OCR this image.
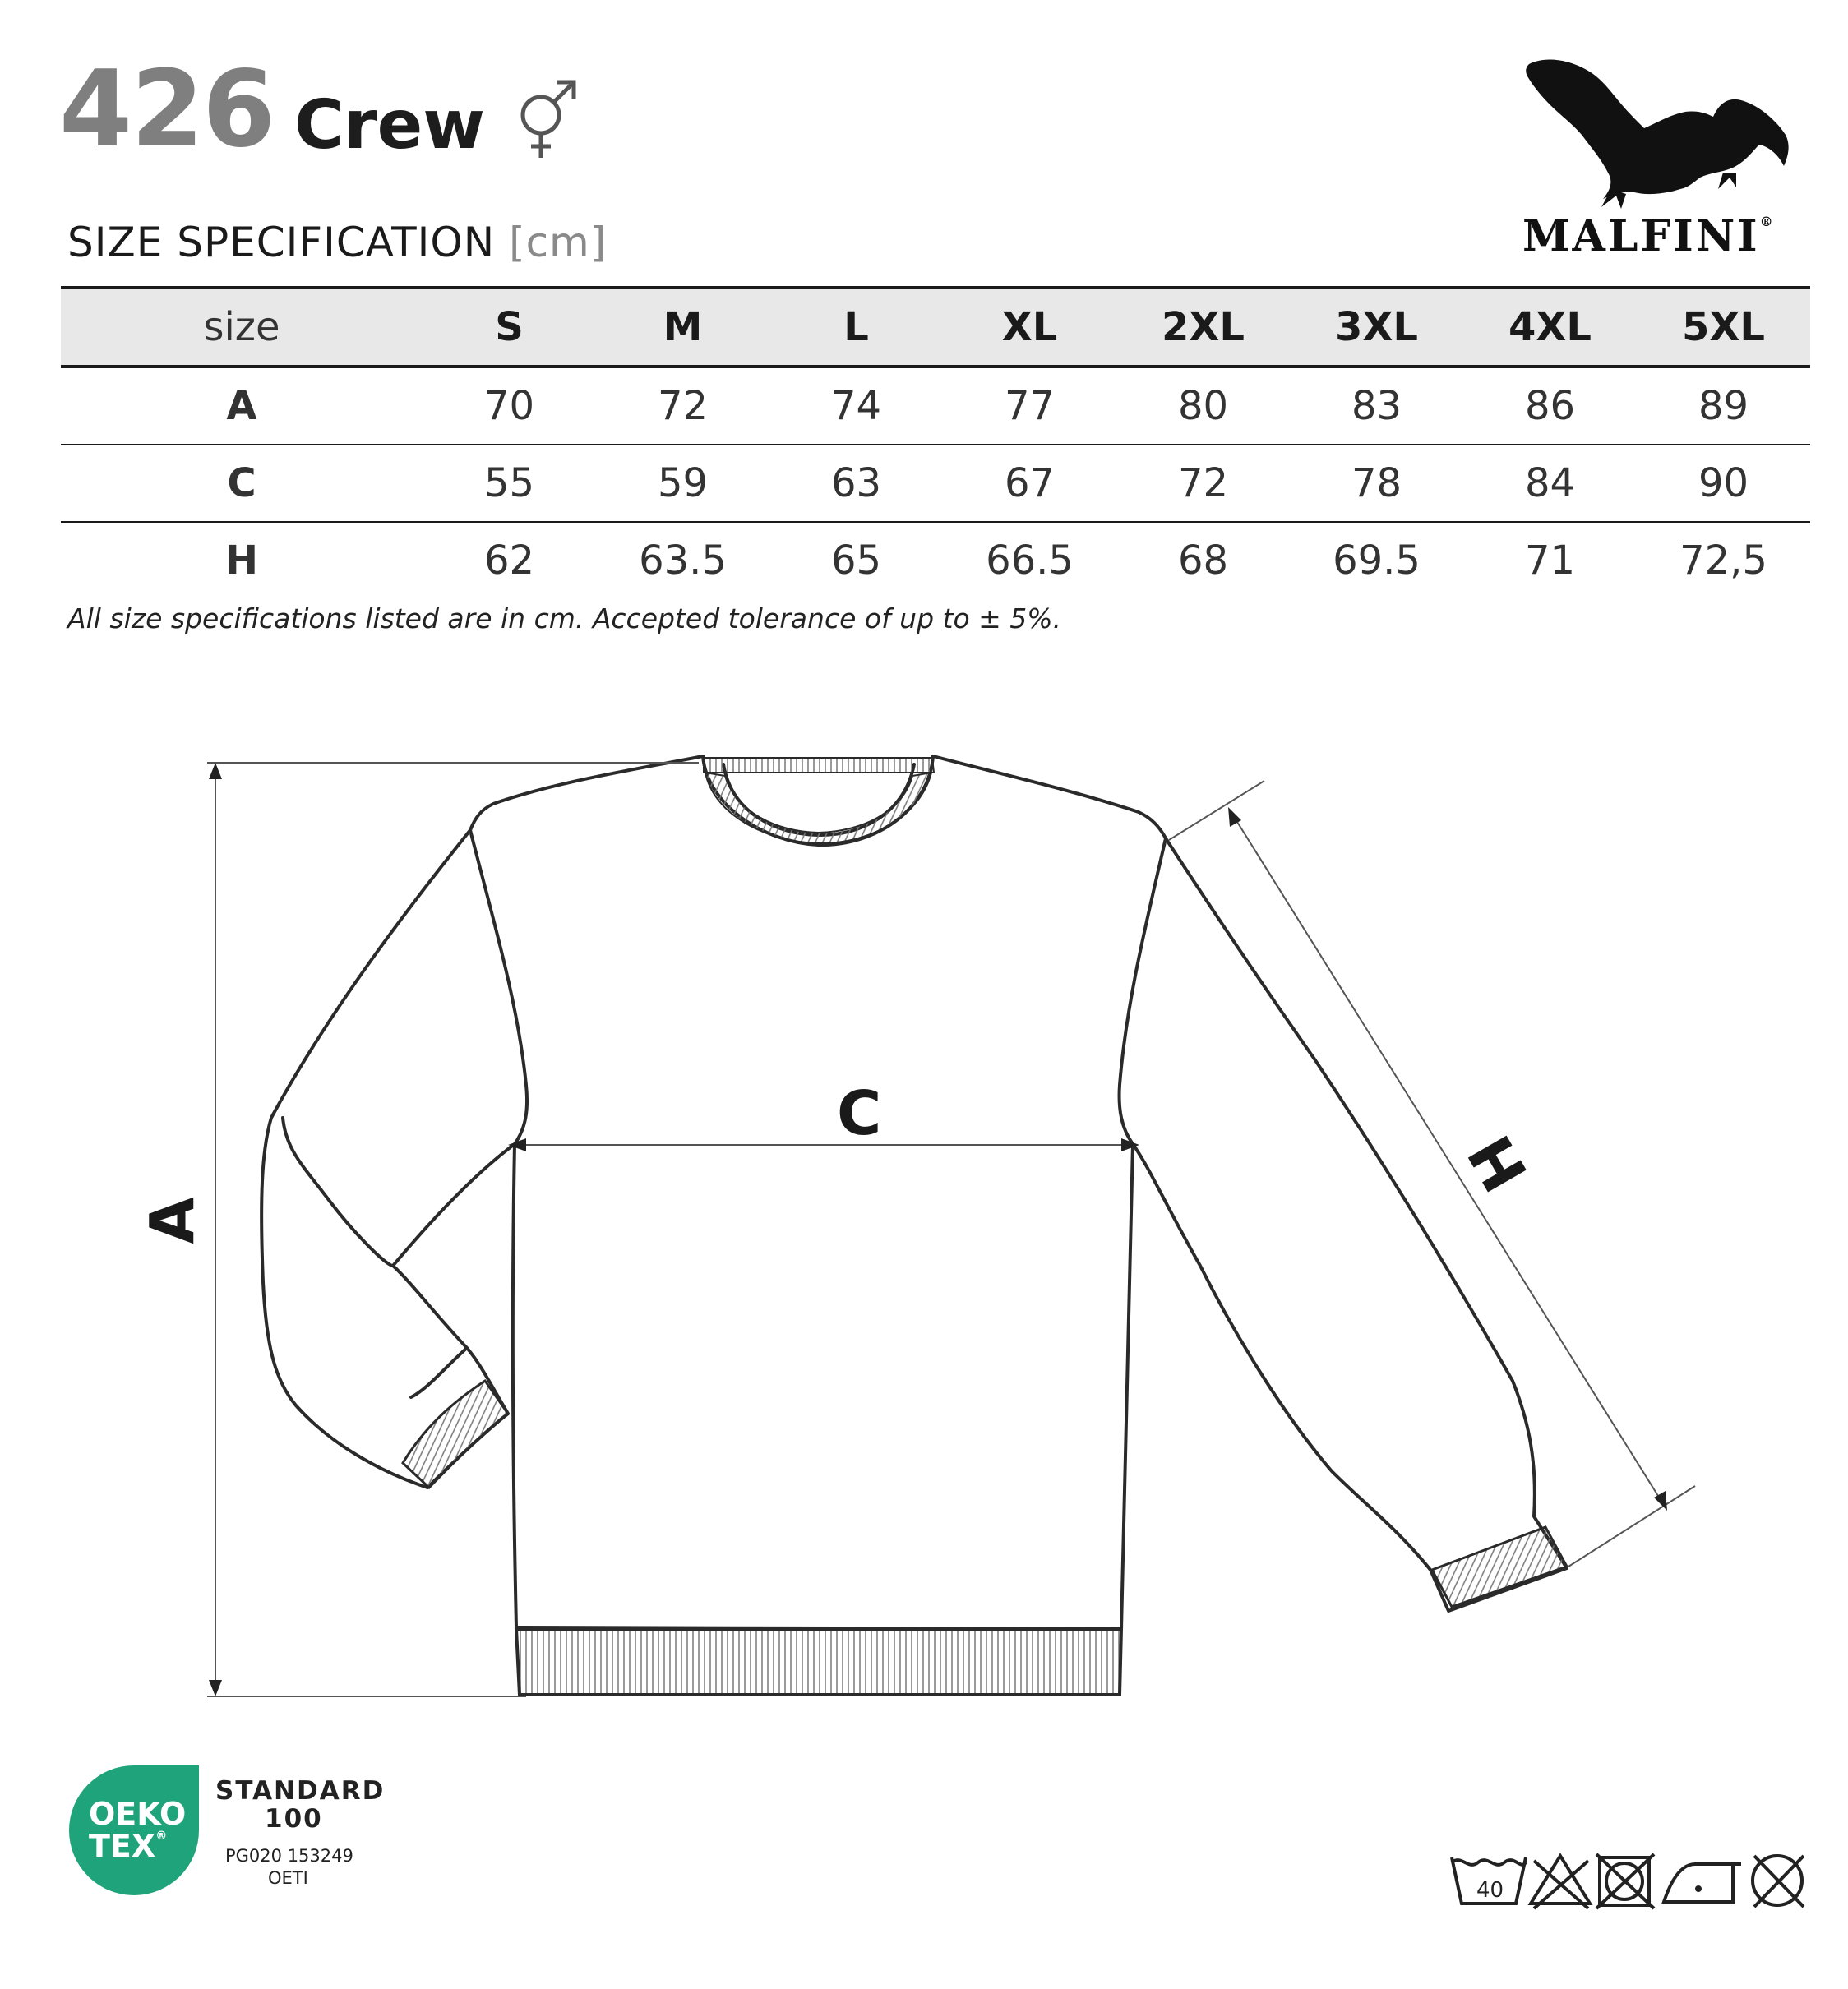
426 Crew
SIZE SPECIFICATION [cm]	MALFINI®
size	S	M	L	XL	2XL	3XL	4XL	5XL
A	70	72	74	77	80	83	86	89
C	55	59	63	67	72	78	84	90
H	62	63.5	65	66.5	68	69.5	71	72,5
All size specifications listed are in cm. Accepted tolerance of up to ± 5%.
C
A
H
OEKO
TEX®
STANDARD
100
PG020 153249
OETI	40
